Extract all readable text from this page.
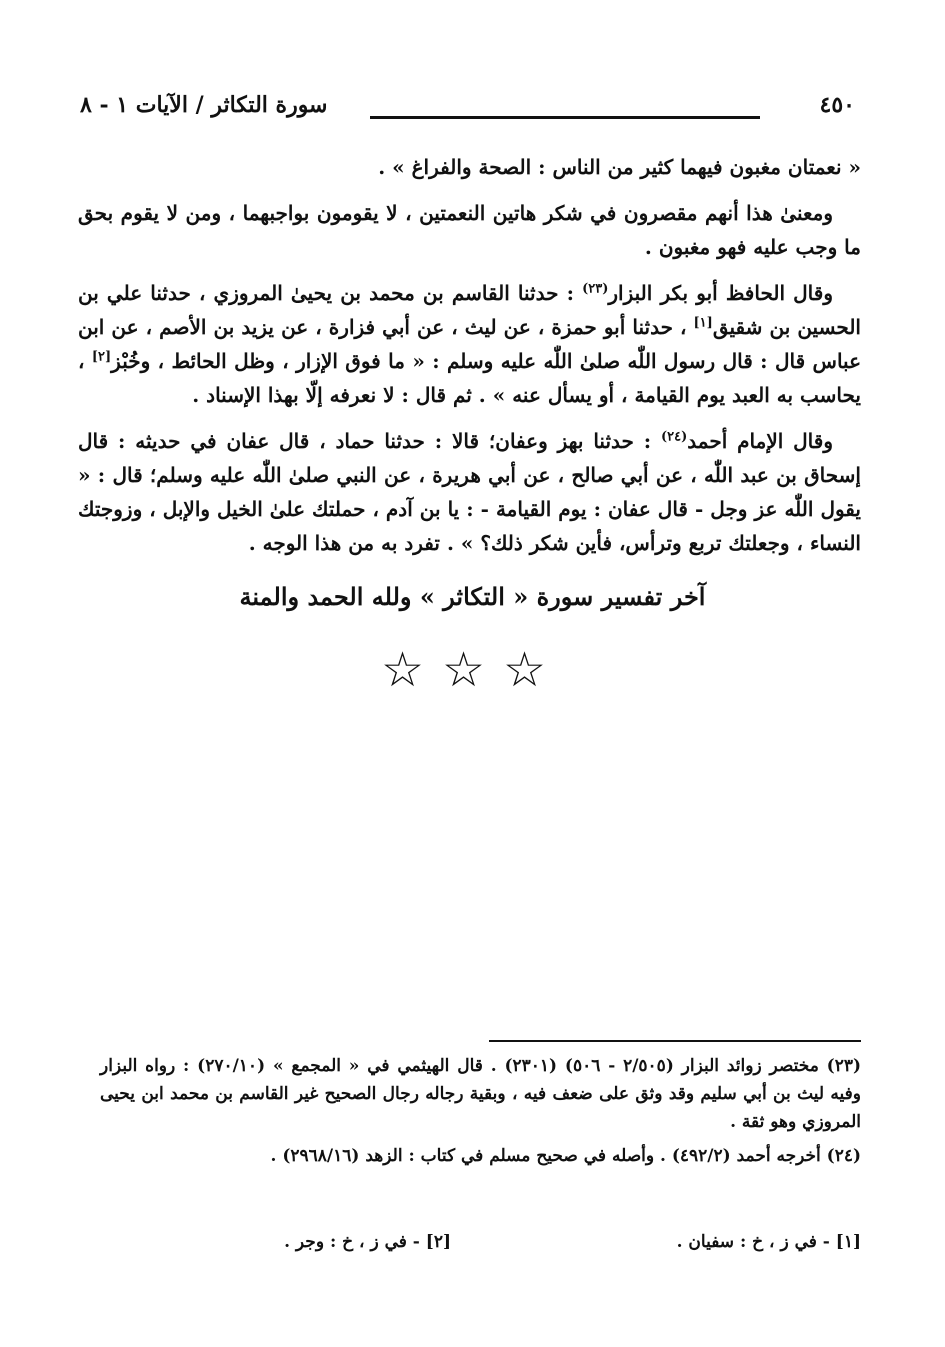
٤٥٠
سورة التكاثر / الآيات ١ - ٨

« نعمتان مغبون فيهما كثير من الناس : الصحة والفراغ » .

ومعنىٰ هذا أنهم مقصرون في شكر هاتين النعمتين ، لا يقومون بواجبهما ، ومن لا يقوم بحق ما وجب عليه فهو مغبون .

وقال الحافظ أبو بكر البزار$^{(٢٣)}$ : حدثنا القاسم بن محمد بن يحيىٰ المروزي ، حدثنا علي بن الحسين بن شقيق[١] ، حدثنا أبو حمزة ، عن ليث ، عن أبي فزارة ، عن يزيد بن الأصم ، عن ابن عباس قال : قال رسول اللّٰه صلىٰ اللّٰه عليه وسلم : « ما فوق الإزار ، وظل الحائط ، وخُبْز[٢] ، يحاسب به العبد يوم القيامة ، أو يسأل عنه » . ثم قال : لا نعرفه إلّا بهذا الإسناد .

وقال الإمام أحمد$^{(٢٤)}$ : حدثنا بهز وعفان؛ قالا : حدثنا حماد ، قال عفان في حديثه : قال إسحاق بن عبد اللّٰه ، عن أبي صالح ، عن أبي هريرة ، عن النبي صلىٰ اللّٰه عليه وسلم؛ قال : « يقول اللّٰه عز وجل - قال عفان : يوم القيامة - : يا بن آدم ، حملتك علىٰ الخيل والإبل ، وزوجتك النساء ، وجعلتك تربع وترأس، فأين شكر ذلك؟ » . تفرد به من هذا الوجه .

آخر تفسير سورة « التكاثر » ولله الحمد والمنة
☆☆☆

(٢٣) مختصر زوائد البزار (٢/٥٠٥ - ٥٠٦) (٢٣٠١) . قال الهيثمي في « المجمع » (٢٧٠/١٠) : رواه البزار وفيه ليث بن أبي سليم وقد وثق على ضعف فيه ، وبقية رجاله رجال الصحيح غير القاسم بن محمد ابن يحيى المروزي وهو ثقة .

(٢٤) أخرجه أحمد (٤٩٢/٢) . وأصله في صحيح مسلم في كتاب : الزهد (٢٩٦٨/١٦) .

[١] - في ز ، خ : سفيان .
[٢] - في ز ، خ : وجر .
